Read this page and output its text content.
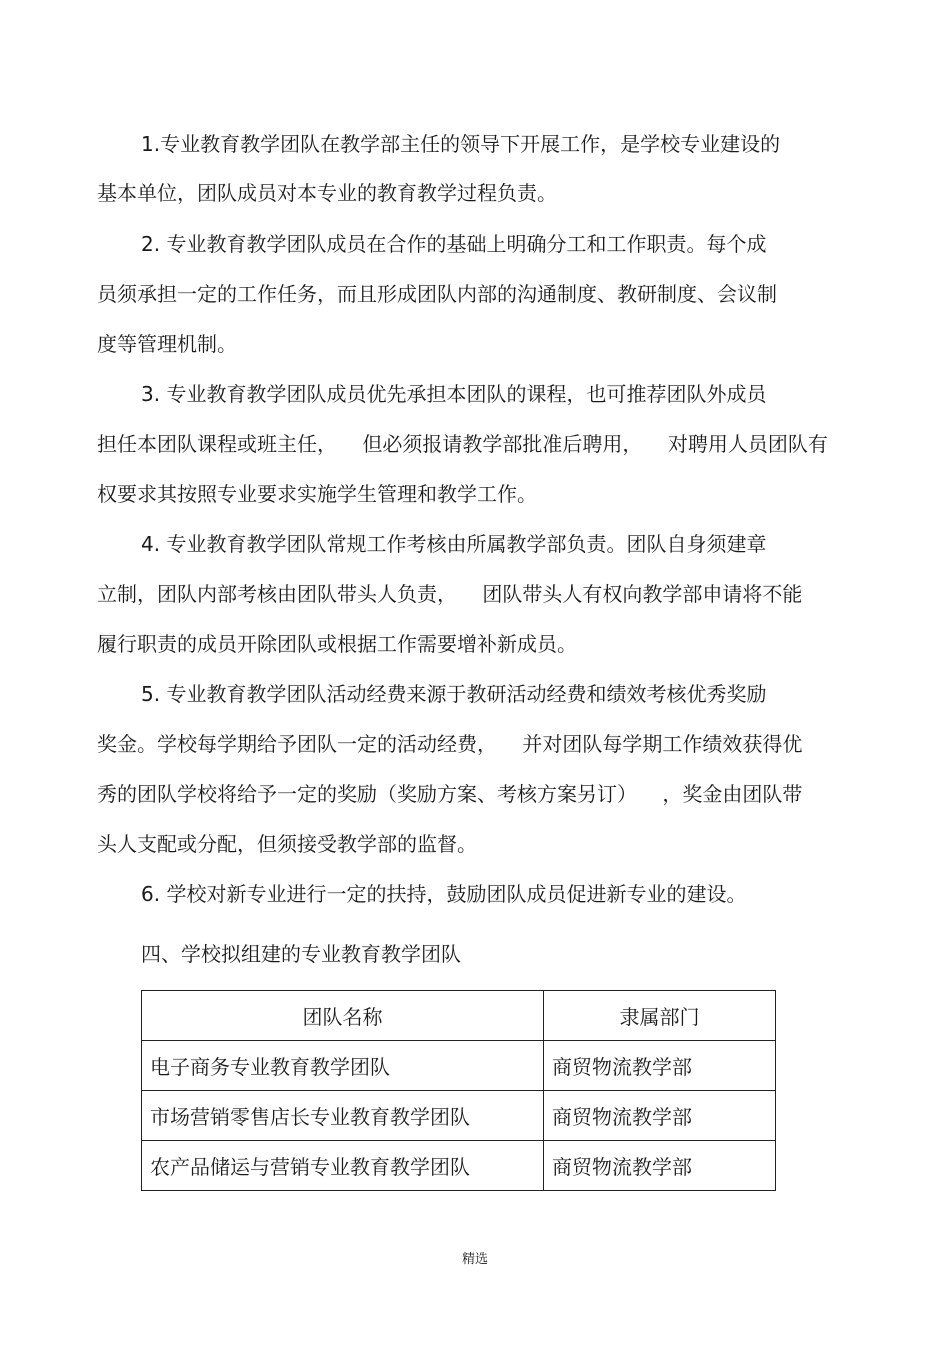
1.专业教育教学团队在教学部主任的领导下开展工作，是学校专业建设的
基本单位，团队成员对本专业的教育教学过程负责。
2. 专业教育教学团队成员在合作的基础上明确分工和工作职责。每个成
员须承担一定的工作任务，而且形成团队内部的沟通制度、教研制度、会议制
度等管理机制。
3. 专业教育教学团队成员优先承担本团队的课程，也可推荐团队外成员
担任本团队课程或班主任，    但必须报请教学部批准后聘用，    对聘用人员团队有
权要求其按照专业要求实施学生管理和教学工作。
4. 专业教育教学团队常规工作考核由所属教学部负责。团队自身须建章
立制，团队内部考核由团队带头人负责，    团队带头人有权向教学部申请将不能
履行职责的成员开除团队或根据工作需要增补新成员。
5. 专业教育教学团队活动经费来源于教研活动经费和绩效考核优秀奖励
奖金。学校每学期给予团队一定的活动经费，    并对团队每学期工作绩效获得优
秀的团队学校将给予一定的奖励（奖励方案、考核方案另订）    ，奖金由团队带
头人支配或分配，但须接受教学部的监督。
6. 学校对新专业进行一定的扶持，鼓励团队成员促进新专业的建设。
四、学校拟组建的专业教育教学团队
团队名称	隶属部门
电子商务专业教育教学团队	商贸物流教学部
市场营销零售店长专业教育教学团队	商贸物流教学部
农产品储运与营销专业教育教学团队	商贸物流教学部
精选
